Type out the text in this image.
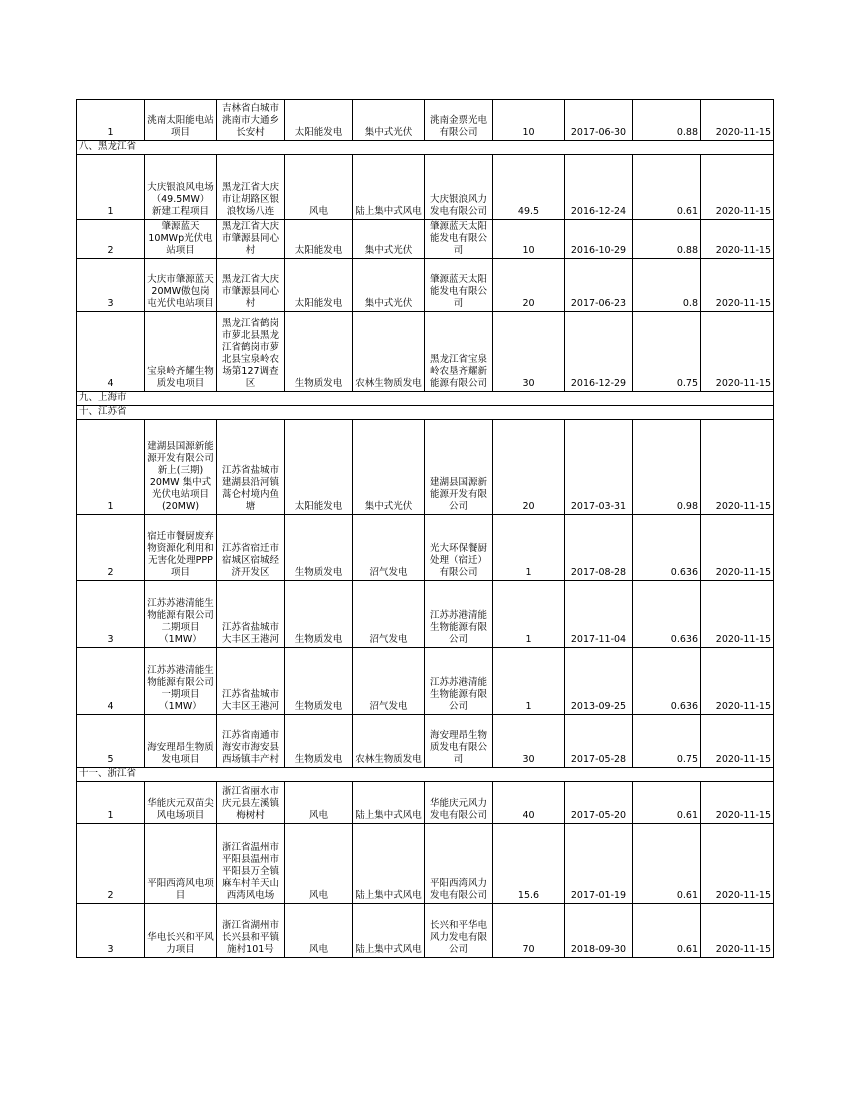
1	洮南太阳能电站项目	吉林省白城市洮南市大通乡长安村	太阳能发电	集中式光伏	洮南金票光电有限公司	10	2017-06-30	0.88	2020-11-15
八、黑龙江省									
1	大庆银浪风电场（49.5MW）新建工程项目	黑龙江省大庆市让胡路区银浪牧场八连	风电	陆上集中式风电	大庆银浪风力发电有限公司	49.5	2016-12-24	0.61	2020-11-15
2	肇源蓝天10MWp光伏电站项目	黑龙江省大庆市肇源县同心村	太阳能发电	集中式光伏	肇源蓝天太阳能发电有限公司	10	2016-10-29	0.88	2020-11-15
3	大庆市肇源蓝天20MW傲包岗屯光伏电站项目	黑龙江省大庆市肇源县同心村	太阳能发电	集中式光伏	肇源蓝天太阳能发电有限公司	20	2017-06-23	0.8	2020-11-15
4	宝泉岭齐耀生物质发电项目	黑龙江省鹤岗市萝北县黑龙江省鹤岗市萝北县宝泉岭农场第127调查区	生物质发电	农林生物质发电	黑龙江省宝泉岭农垦齐耀新能源有限公司	30	2016-12-29	0.75	2020-11-15
九、上海市									
十、江苏省									
1	建湖县国源新能源开发有限公司新上(三期) 20MW 集中式光伏电站项目(20MW)	江苏省盐城市建湖县沿河镇蒿仑村境内鱼塘	太阳能发电	集中式光伏	建湖县国源新能源开发有限公司	20	2017-03-31	0.98	2020-11-15
2	宿迁市餐厨废弃物资源化利用和无害化处理PPP项目	江苏省宿迁市宿城区宿城经济开发区	生物质发电	沼气发电	光大环保餐厨处理（宿迁）有限公司	1	2017-08-28	0.636	2020-11-15
3	江苏苏港清能生物能源有限公司二期项目（1MW）	江苏省盐城市大丰区王港河	生物质发电	沼气发电	江苏苏港清能生物能源有限公司	1	2017-11-04	0.636	2020-11-15
4	江苏苏港清能生物能源有限公司一期项目（1MW）	江苏省盐城市大丰区王港河	生物质发电	沼气发电	江苏苏港清能生物能源有限公司	1	2013-09-25	0.636	2020-11-15
5	海安理昂生物质发电项目	江苏省南通市海安市海安县西场镇丰产村	生物质发电	农林生物质发电	海安理昂生物质发电有限公司	30	2017-05-28	0.75	2020-11-15
十一、浙江省									
1	华能庆元双苗尖风电场项目	浙江省丽水市庆元县左溪镇梅树村	风电	陆上集中式风电	华能庆元风力发电有限公司	40	2017-05-20	0.61	2020-11-15
2	平阳西湾风电项目	浙江省温州市平阳县温州市平阳县万全镇麻车村羊天山西湾风电场	风电	陆上集中式风电	平阳西湾风力发电有限公司	15.6	2017-01-19	0.61	2020-11-15
3	华电长兴和平风力项目	浙江省湖州市长兴县和平镇施村101号	风电	陆上集中式风电	长兴和平华电风力发电有限公司	70	2018-09-30	0.61	2020-11-15
